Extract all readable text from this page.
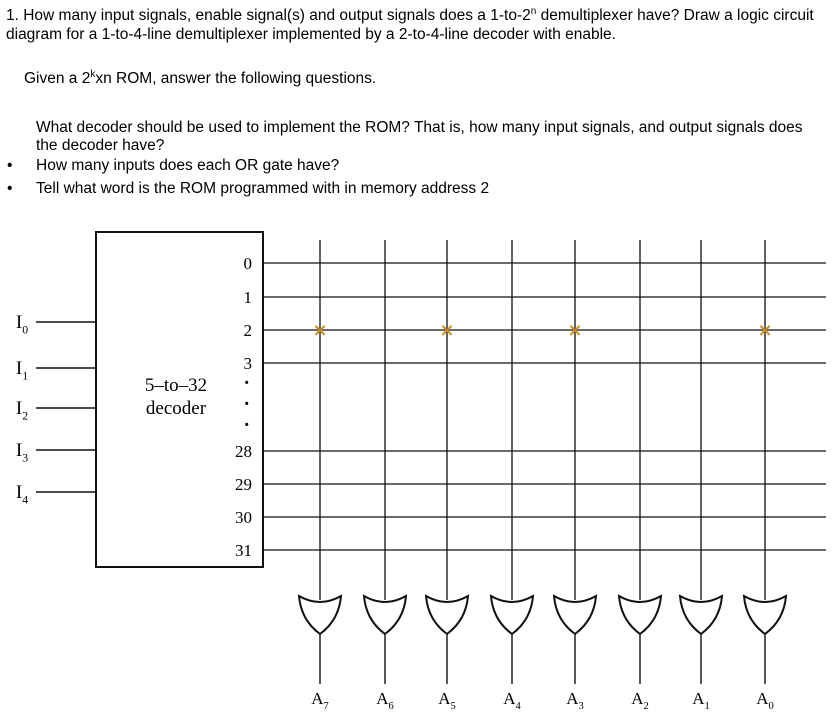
1. How many input signals, enable signal(s) and output signals does a 1-to-2$^n$ demultiplexer have? Draw a logic circuit diagram for a 1-to-4-line demultiplexer implemented by a 2-to-4-line decoder with enable.
Given a 2$^k$xn ROM, answer the following questions.
What decoder should be used to implement the ROM? That is, how many input signals, and output signals does the decoder have?
• How many inputs does each OR gate have?
• Tell what word is the ROM programmed with in memory address 2
5–to–32
decoder
$I_0$
$I_1$
$I_2$
$I_3$
$I_4$
0
1
2
3
28
29
30
31
·
·
·
$A_7$	$A_6$	$A_5$	$A_4$	$A_3$	$A_2$	$A_1$	$A_0$
×	×	×	×
